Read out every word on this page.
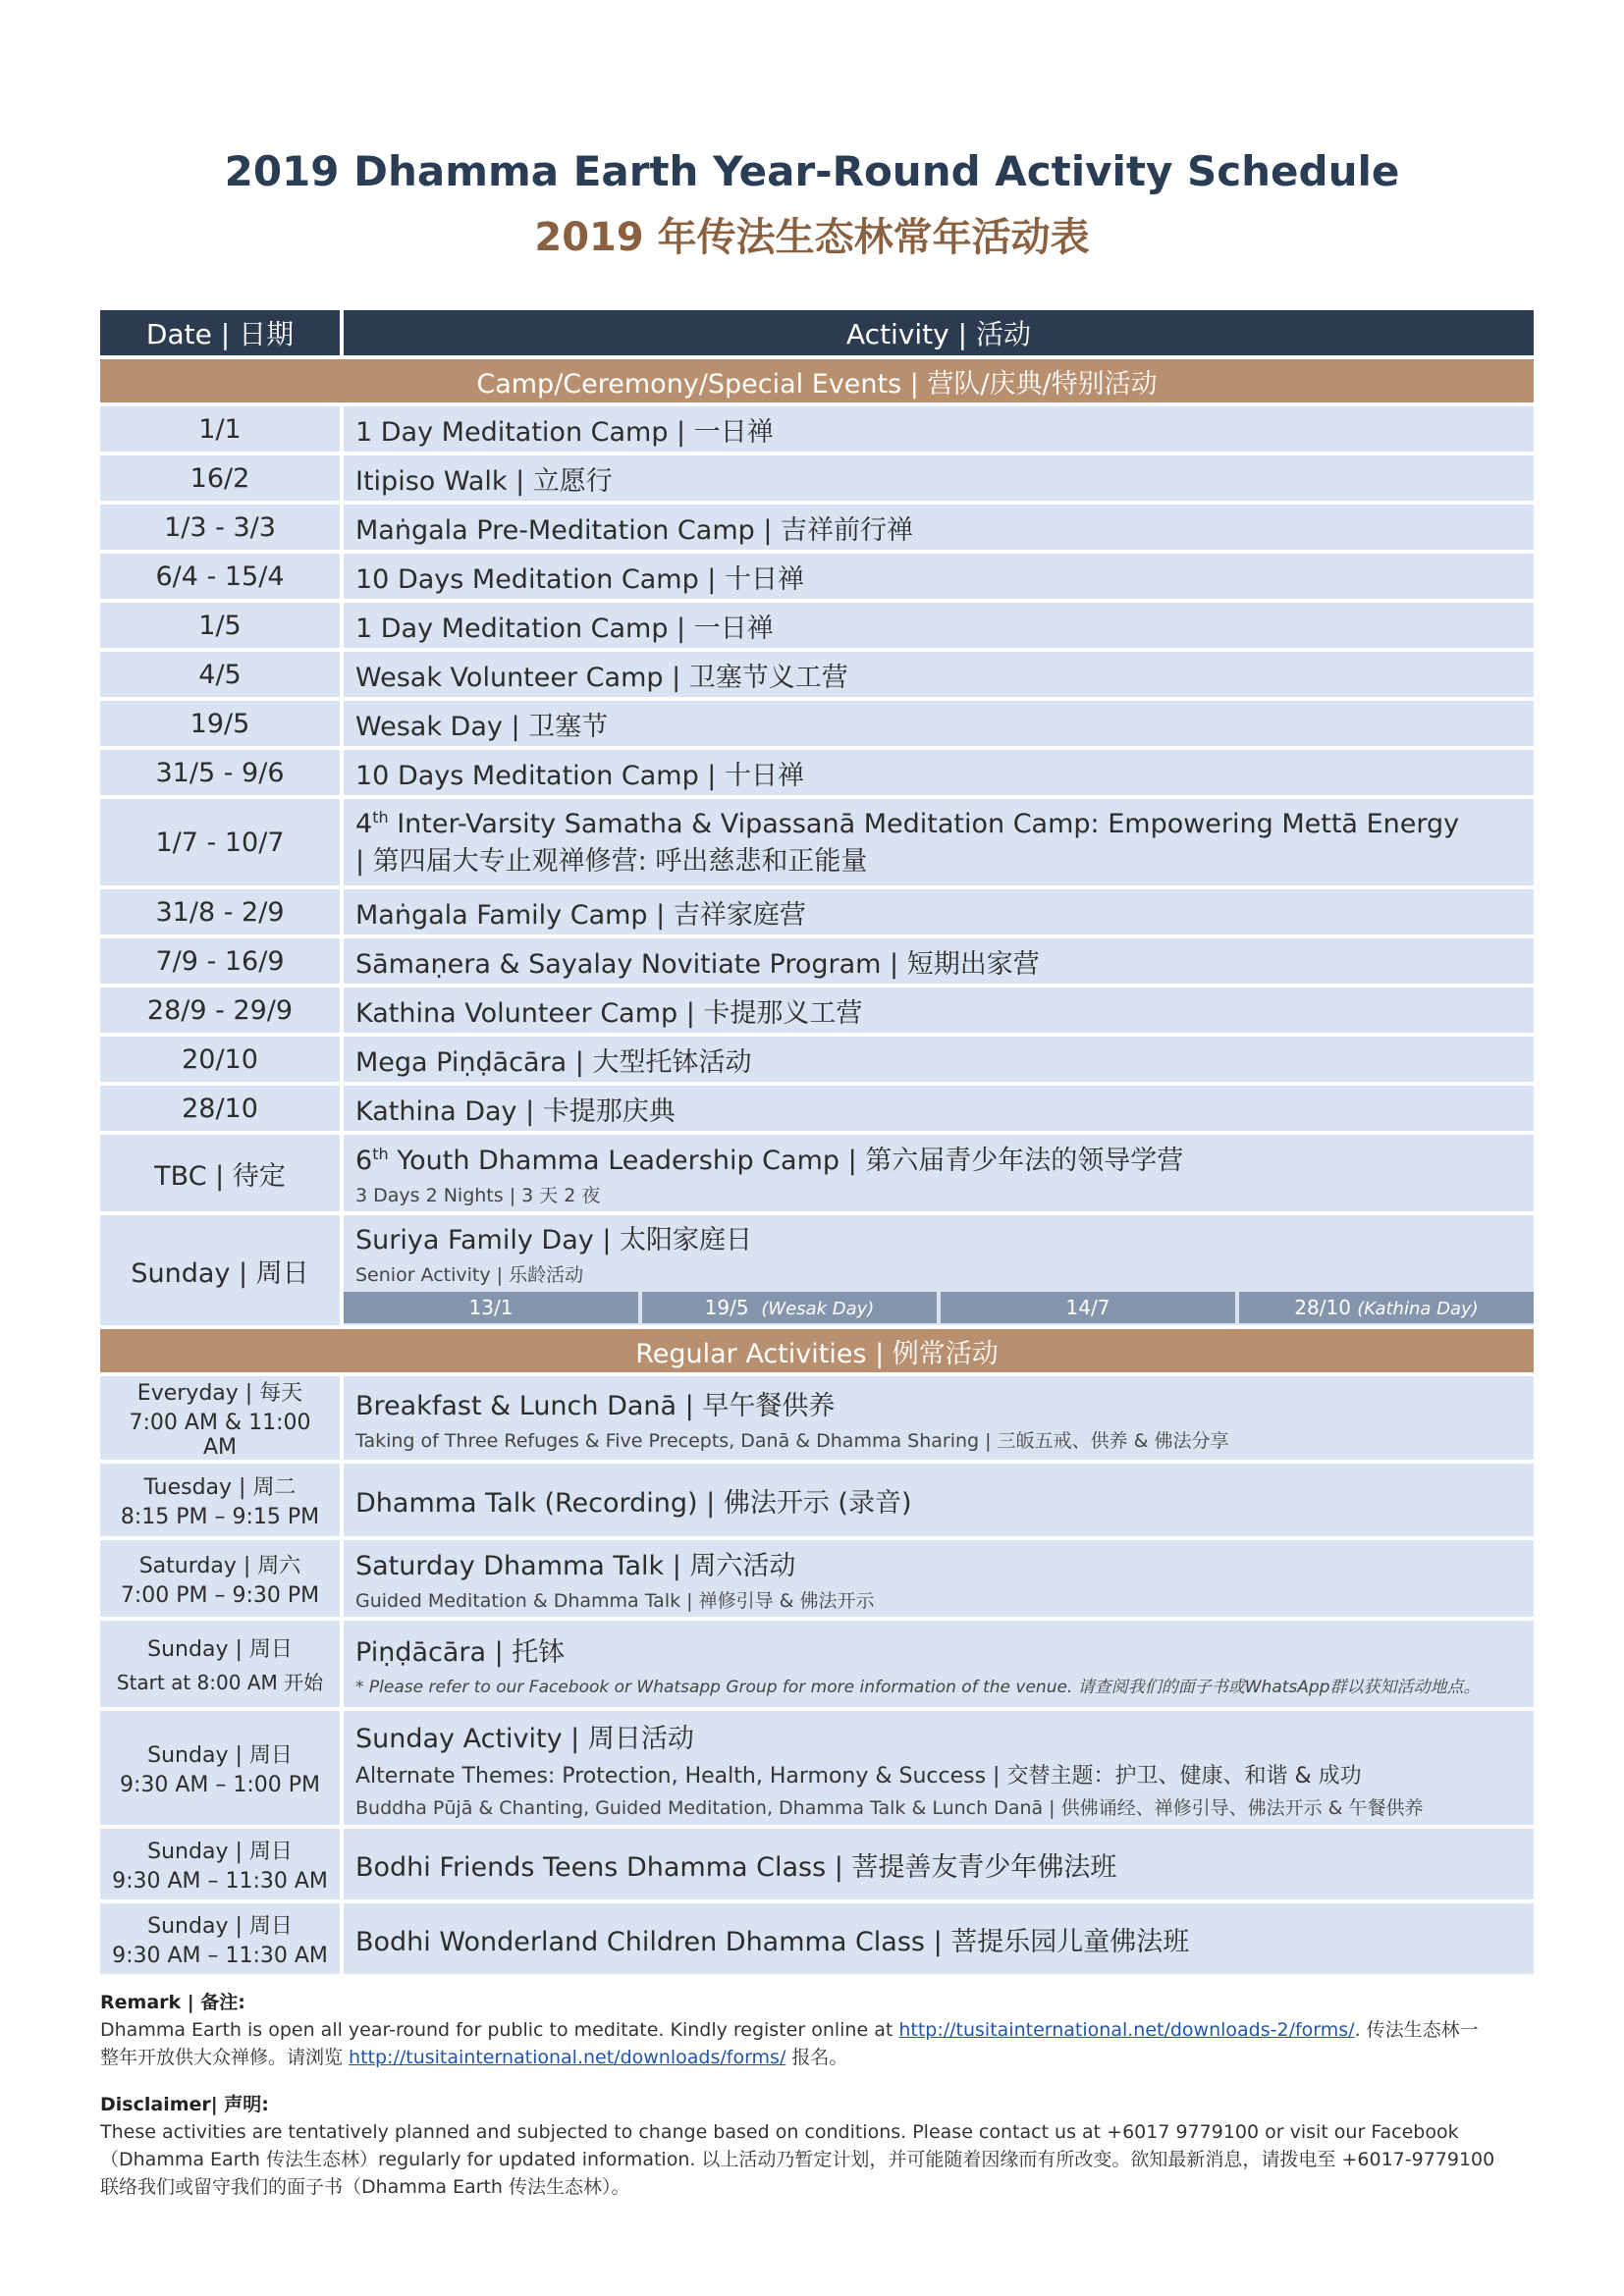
2019 Dhamma Earth Year-Round Activity Schedule
2019 年传法生态林常年活动表
Date | 日期	Activity | 活动
Camp/Ceremony/Special Events | 营队/庆典/特别活动	
1/1	1 Day Meditation Camp | 一日禅
16/2	Itipiso Walk | 立愿行
1/3 - 3/3	Maṅgala Pre-Meditation Camp | 吉祥前行禅
6/4 - 15/4	10 Days Meditation Camp | 十日禅
1/5	1 Day Meditation Camp | 一日禅
4/5	Wesak Volunteer Camp | 卫塞节义工营
19/5	Wesak Day | 卫塞节
31/5 - 9/6	10 Days Meditation Camp | 十日禅
1/7 - 10/7	4th Inter-Varsity Samatha & Vipassanā Meditation Camp: Empowering Mettā Energy
| 第四届大专止观禅修营: 呼出慈悲和正能量
31/8 - 2/9	Maṅgala Family Camp | 吉祥家庭营
7/9 - 16/9	Sāmaṇera & Sayalay Novitiate Program | 短期出家营
28/9 - 29/9	Kathina Volunteer Camp | 卡提那义工营
20/10	Mega Piṇḍācāra | 大型托钵活动
28/10	Kathina Day | 卡提那庆典
TBC | 待定	6th Youth Dhamma Leadership Camp | 第六届青少年法的领导学营
3 Days 2 Nights | 3 天 2 夜

Sunday | 周日	Suriya Family Day | 太阳家庭日
Senior Activity | 乐龄活动

	13/1 19/5 (Wesak Day) 14/7 28/10 (Kathina Day)

Regular Activities | 例常活动	

Everyday | 每天
7:00 AM & 11:00 AM	Breakfast & Lunch Danā | 早午餐供养
Taking of Three Refuges & Five Precepts, Danā & Dhamma Sharing | 三皈五戒、供养 & 佛法分享

Tuesday | 周二
8:15 PM – 9:15 PM	Dhamma Talk (Recording) | 佛法开示 (录音)

Saturday | 周六
7:00 PM – 9:30 PM	Saturday Dhamma Talk | 周六活动
Guided Meditation & Dhamma Talk | 禅修引导 & 佛法开示

Sunday | 周日
Start at 8:00 AM 开始	Piṇḍācāra | 托钵
* Please refer to our Facebook or Whatsapp Group for more information of the venue. 请查阅我们的面子书或WhatsApp群以获知活动地点。

Sunday | 周日
9:30 AM – 1:00 PM	Sunday Activity | 周日活动
Alternate Themes: Protection, Health, Harmony & Success | 交替主题：护卫、健康、和谐 & 成功
Buddha Pūjā & Chanting, Guided Meditation, Dhamma Talk & Lunch Danā | 供佛诵经、禅修引导、佛法开示 & 午餐供养

Sunday | 周日
9:30 AM – 11:30 AM	Bodhi Friends Teens Dhamma Class | 菩提善友青少年佛法班

Sunday | 周日
9:30 AM – 11:30 AM	Bodhi Wonderland Children Dhamma Class | 菩提乐园儿童佛法班
Remark | 备注:
Dhamma Earth is open all year-round for public to meditate. Kindly register online at http://tusitainternational.net/downloads-2/forms/. 传法生态林一
整年开放供大众禅修。请浏览 http://tusitainternational.net/downloads/forms/ 报名。
Disclaimer| 声明:
These activities are tentatively planned and subjected to change based on conditions. Please contact us at +6017 9779100 or visit our Facebook
（Dhamma Earth 传法生态林）regularly for updated information. 以上活动乃暂定计划，并可能随着因缘而有所改变。欲知最新消息，请拨电至 +6017-9779100
联络我们或留守我们的面子书（Dhamma Earth 传法生态林）。
